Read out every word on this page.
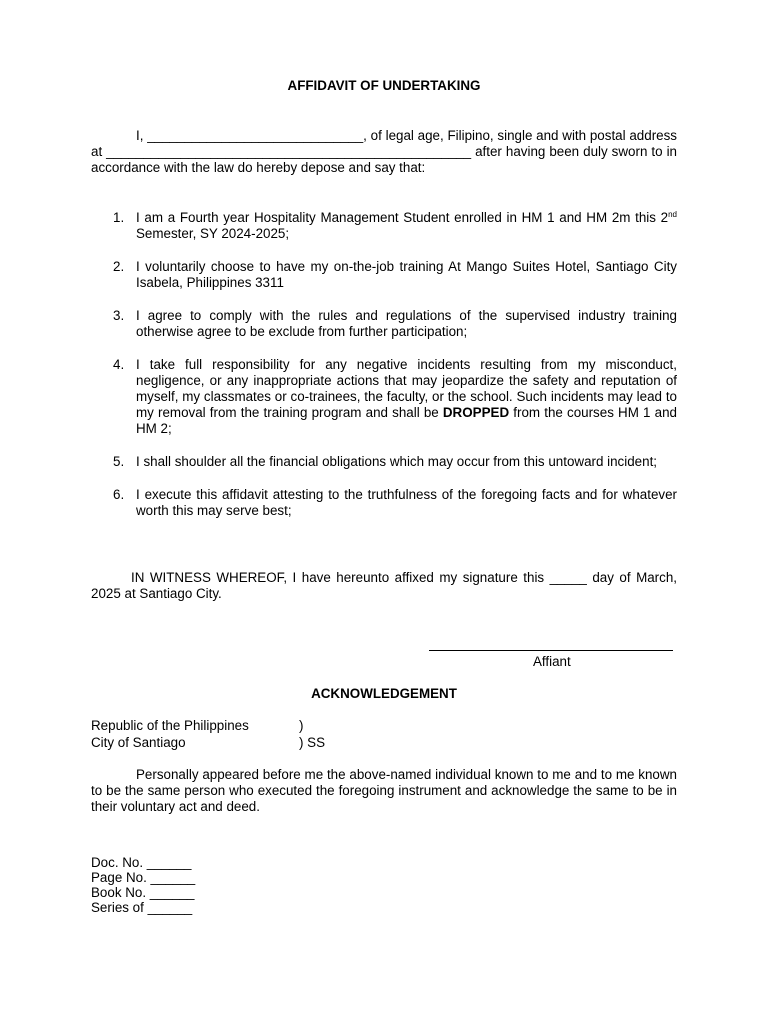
AFFIDAVIT OF UNDERTAKING
I, _____________________________, of legal age, Filipino, single and with postal address at _________________________________________________ after having been duly sworn to in accordance with the law do hereby depose and say that:
1. I am a Fourth year Hospitality Management Student enrolled in HM 1 and HM 2m this 2nd Semester, SY 2024-2025;
2. I voluntarily choose to have my on-the-job training At Mango Suites Hotel, Santiago City Isabela, Philippines 3311
3. I agree to comply with the rules and regulations of the supervised industry training otherwise agree to be exclude from further participation;
4. I take full responsibility for any negative incidents resulting from my misconduct, negligence, or any inappropriate actions that may jeopardize the safety and reputation of myself, my classmates or co-trainees, the faculty, or the school. Such incidents may lead to my removal from the training program and shall be DROPPED from the courses HM 1 and HM 2;
5. I shall shoulder all the financial obligations which may occur from this untoward incident;
6. I execute this affidavit attesting to the truthfulness of the foregoing facts and for whatever worth this may serve best;
IN WITNESS WHEREOF, I have hereunto affixed my signature this _____ day of March, 2025 at Santiago City.
Affiant
ACKNOWLEDGEMENT
Republic of the Philippines	)
City of Santiago	) SS
Personally appeared before me the above-named individual known to me and to me known to be the same person who executed the foregoing instrument and acknowledge the same to be in their voluntary act and deed.
Doc. No. ______
Page No. ______
Book No. ______
Series of ______
